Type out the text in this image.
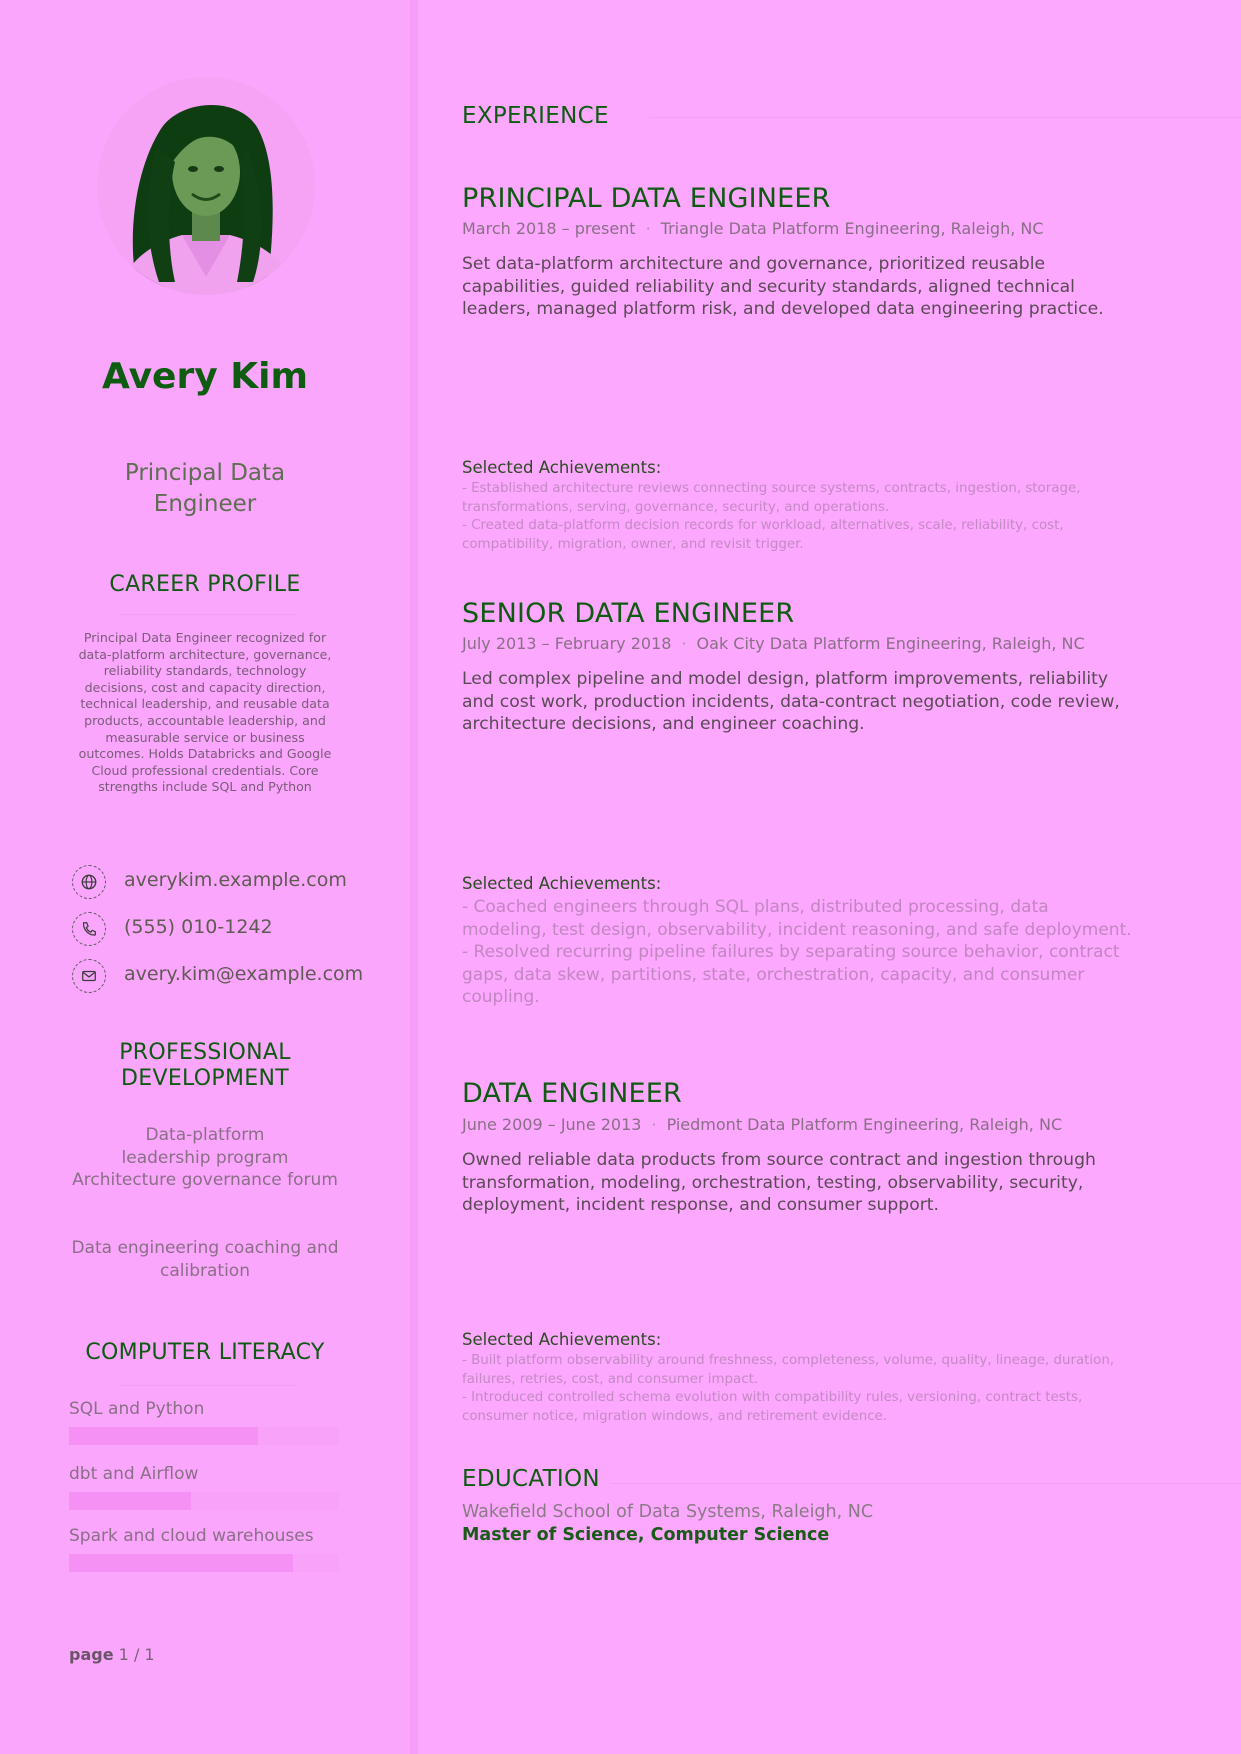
Avery Kim
Principal Data Engineer
CAREER PROFILE
Principal Data Engineer recognized for data-platform architecture, governance, reliability standards, technology decisions, cost and capacity direction, technical leadership, and reusable data products, accountable leadership, and measurable service or business outcomes. Holds Databricks and Google Cloud professional credentials. Core strengths include SQL and Python
averykim.example.com
(555) 010-1242
avery.kim@example.com
PROFESSIONAL DEVELOPMENT
Data-platform leadership program
Architecture governance forum
Data engineering coaching and calibration
COMPUTER LITERACY
SQL and Python
dbt and Airflow
Spark and cloud warehouses
page 1 / 1
EXPERIENCE
PRINCIPAL DATA ENGINEER
March 2018 – present · Triangle Data Platform Engineering, Raleigh, NC
Set data-platform architecture and governance, prioritized reusable capabilities, guided reliability and security standards, aligned technical leaders, managed platform risk, and developed data engineering practice.
Selected Achievements:
- Established architecture reviews connecting source systems, contracts, ingestion, storage, transformations, serving, governance, security, and operations.
- Created data-platform decision records for workload, alternatives, scale, reliability, cost, compatibility, migration, owner, and revisit trigger.
SENIOR DATA ENGINEER
July 2013 – February 2018 · Oak City Data Platform Engineering, Raleigh, NC
Led complex pipeline and model design, platform improvements, reliability and cost work, production incidents, data-contract negotiation, code review, architecture decisions, and engineer coaching.
Selected Achievements:
- Coached engineers through SQL plans, distributed processing, data modeling, test design, observability, incident reasoning, and safe deployment.
- Resolved recurring pipeline failures by separating source behavior, contract gaps, data skew, partitions, state, orchestration, capacity, and consumer coupling.
DATA ENGINEER
June 2009 – June 2013 · Piedmont Data Platform Engineering, Raleigh, NC
Owned reliable data products from source contract and ingestion through transformation, modeling, orchestration, testing, observability, security, deployment, incident response, and consumer support.
Selected Achievements:
- Built platform observability around freshness, completeness, volume, quality, lineage, duration, failures, retries, cost, and consumer impact.
- Introduced controlled schema evolution with compatibility rules, versioning, contract tests, consumer notice, migration windows, and retirement evidence.
EDUCATION
Wakefield School of Data Systems, Raleigh, NC
Master of Science, Computer Science
